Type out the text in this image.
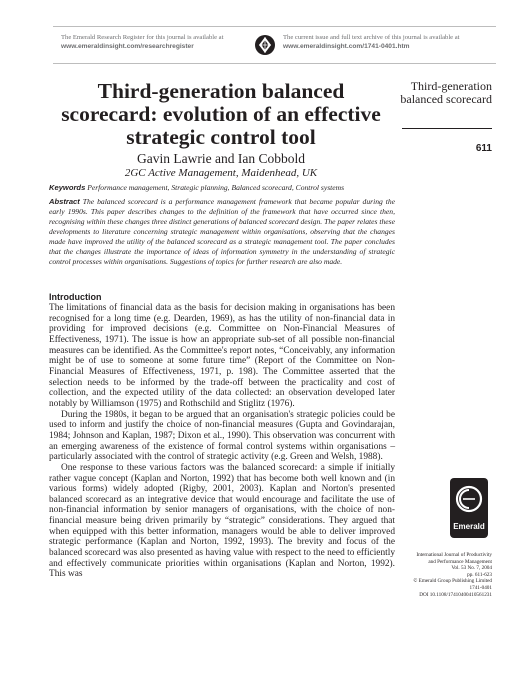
The Emerald Research Register for this journal is available at
www.emeraldinsight.com/researchregister
The current issue and full text archive of this journal is available at
www.emeraldinsight.com/1741-0401.htm
Third-generation balanced scorecard: evolution of an effective strategic control tool
Gavin Lawrie and Ian Cobbold
2GC Active Management, Maidenhead, UK
Keywords Performance management, Strategic planning, Balanced scorecard, Control systems
Abstract The balanced scorecard is a performance management framework that became popular during the early 1990s. This paper describes changes to the definition of the framework that have occurred since then, recognising within these changes three distinct generations of balanced scorecard design. The paper relates these developments to literature concerning strategic management within organisations, observing that the changes made have improved the utility of the balanced scorecard as a strategic management tool. The paper concludes that the changes illustrate the importance of ideas of information symmetry in the understanding of strategic control processes within organisations. Suggestions of topics for further research are also made.
Introduction

The limitations of financial data as the basis for decision making in organisations has been recognised for a long time (e.g. Dearden, 1969), as has the utility of non-financial data in providing for improved decisions (e.g. Committee on Non-Financial Measures of Effectiveness, 1971). The issue is how an appropriate sub-set of all possible non-financial measures can be identified. As the Committee's report notes, “Conceivably, any information might be of use to someone at some future time” (Report of the Committee on Non-Financial Measures of Effectiveness, 1971, p. 198). The Committee asserted that the selection needs to be informed by the trade-off between the practicality and cost of collection, and the expected utility of the data collected: an observation developed later notably by Williamson (1975) and Rothschild and Stiglitz (1976).

During the 1980s, it began to be argued that an organisation's strategic policies could be used to inform and justify the choice of non-financial measures (Gupta and Govindarajan, 1984; Johnson and Kaplan, 1987; Dixon et al., 1990). This observation was concurrent with an emerging awareness of the existence of formal control systems within organisations – particularly associated with the control of strategic activity (e.g. Green and Welsh, 1988).

One response to these various factors was the balanced scorecard: a simple if initially rather vague concept (Kaplan and Norton, 1992) that has become both well known and (in various forms) widely adopted (Rigby, 2001, 2003). Kaplan and Norton's presented balanced scorecard as an integrative device that would encourage and facilitate the use of non-financial information by senior managers of organisations, with the choice of non-financial measure being driven primarily by “strategic” considerations. They argued that when equipped with this better information, managers would be able to deliver improved strategic performance (Kaplan and Norton, 1992, 1993). The brevity and focus of the balanced scorecard was also presented as having value with respect to the need to efficiently and effectively communicate priorities within organisations (Kaplan and Norton, 1992). This was

Third-generation balanced scorecard
611
Emerald
International Journal of Productivity
and Performance Management
Vol. 53 No. 7, 2004
pp. 611-623
© Emerald Group Publishing Limited
1741-0401
DOI 10.1108/17410400410561231
